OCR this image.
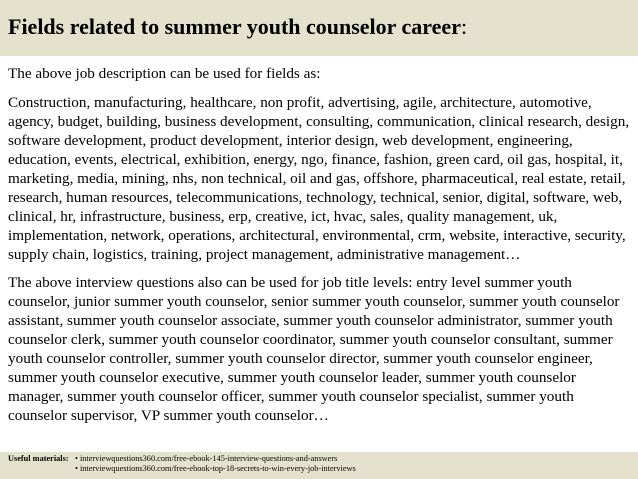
Fields related to summer youth counselor career:

The above job description can be used for fields as:

Construction, manufacturing, healthcare, non profit, advertising, agile, architecture, automotive, agency, budget, building, business development, consulting, communication, clinical research, design, software development, product development, interior design, web development, engineering, education, events, electrical, exhibition, energy, ngo, finance, fashion, green card, oil gas, hospital, it, marketing, media, mining, nhs, non technical, oil and gas, offshore, pharmaceutical, real estate, retail, research, human resources, telecommunications, technology, technical, senior, digital, software, web, clinical, hr, infrastructure, business, erp, creative, ict, hvac, sales, quality management, uk, implementation, network, operations, architectural, environmental, crm, website, interactive, security, supply chain, logistics, training, project management, administrative management…

The above interview questions also can be used for job title levels: entry level summer youth counselor, junior summer youth counselor, senior summer youth counselor, summer youth counselor assistant, summer youth counselor associate, summer youth counselor administrator, summer youth counselor clerk, summer youth counselor coordinator, summer youth counselor consultant, summer youth counselor controller, summer youth counselor director, summer youth counselor engineer, summer youth counselor executive, summer youth counselor leader, summer youth counselor manager, summer youth counselor officer, summer youth counselor specialist, summer youth counselor supervisor, VP summer youth counselor…

Useful materials: • interviewquestions360.com/free-ebook-145-interview-questions-and-answers
• interviewquestions360.com/free-ebook-top-18-secrets-to-win-every-job-interviews
